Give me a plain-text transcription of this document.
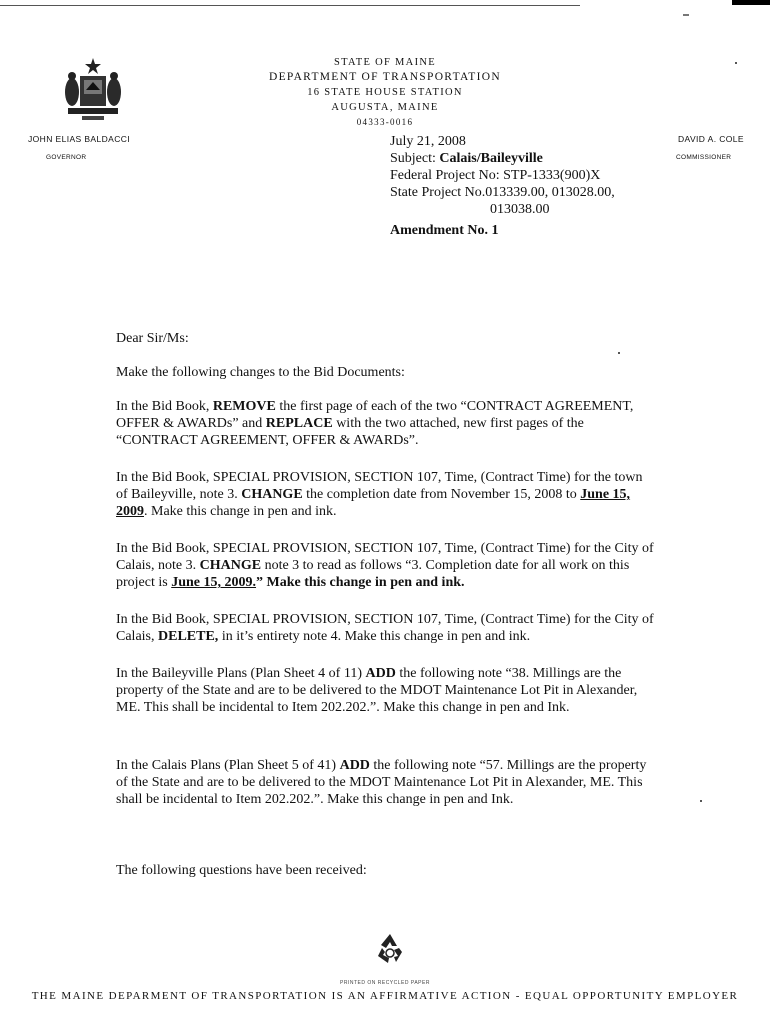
STATE OF MAINE
DEPARTMENT OF TRANSPORTATION
16 STATE HOUSE STATION
AUGUSTA, MAINE
04333-0016
JOHN ELIAS BALDACCI
GOVERNOR
DAVID A. COLE
COMMISSIONER
July 21, 2008
Subject: Calais/Baileyville
Federal Project No: STP-1333(900)X
State Project No.013339.00, 013028.00,
013038.00
Amendment No. 1
Dear Sir/Ms:
Make the following changes to the Bid Documents:

In the Bid Book, REMOVE the first page of each of the two “CONTRACT AGREEMENT, OFFER & AWARDs” and REPLACE with the two attached, new first pages of the “CONTRACT AGREEMENT, OFFER & AWARDs”.

In the Bid Book, SPECIAL PROVISION, SECTION 107, Time, (Contract Time) for the town of Baileyville, note 3. CHANGE the completion date from November 15, 2008 to June 15, 2009. Make this change in pen and ink.

In the Bid Book, SPECIAL PROVISION, SECTION 107, Time, (Contract Time) for the City of Calais, note 3. CHANGE note 3 to read as follows “3. Completion date for all work on this project is June 15, 2009.” Make this change in pen and ink.

In the Bid Book, SPECIAL PROVISION, SECTION 107, Time, (Contract Time) for the City of Calais, DELETE, in it’s entirety note 4. Make this change in pen and ink.

In the Baileyville Plans (Plan Sheet 4 of 11) ADD the following note “38. Millings are the property of the State and are to be delivered to the MDOT Maintenance Lot Pit in Alexander, ME. This shall be incidental to Item 202.202.”. Make this change in pen and Ink.

In the Calais Plans (Plan Sheet 5 of 41) ADD the following note “57. Millings are the property of the State and are to be delivered to the MDOT Maintenance Lot Pit in Alexander, ME. This shall be incidental to Item 202.202.”. Make this change in pen and Ink.

The following questions have been received:
PRINTED ON RECYCLED PAPER
THE MAINE DEPARMENT OF TRANSPORTATION IS AN AFFIRMATIVE ACTION - EQUAL OPPORTUNITY EMPLOYER
